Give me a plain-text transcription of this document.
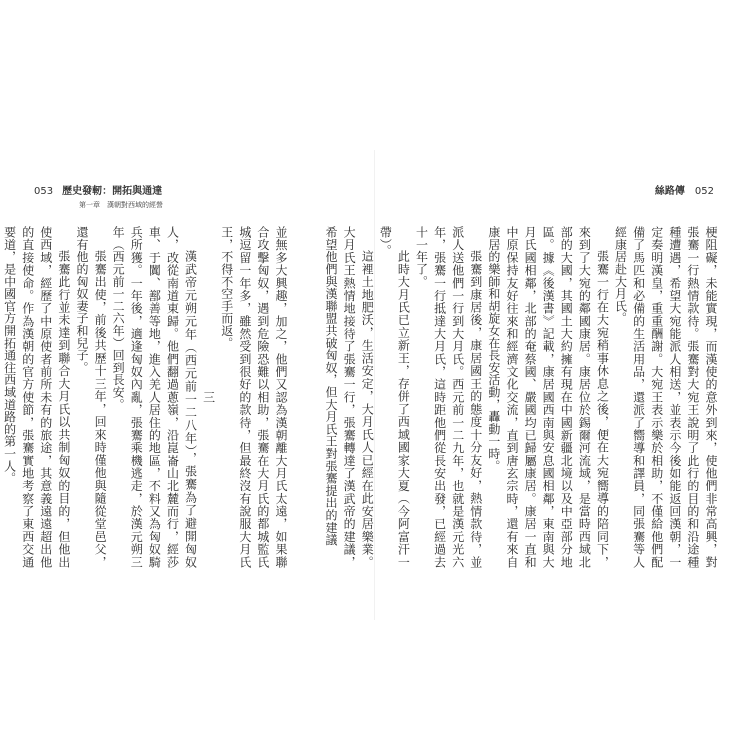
053 歷史發軔：開拓與通達
第一章　漢朝對西域的經營
絲路傳 052

梗阻礙，未能實現，而漢使的意外到來，使他們非常高興，對張騫一行熱情款待。張騫對大宛王說明了此行的目的和沿途種種遭遇，希望大宛能派人相送，並表示今後如能返回漢朝，一定奏明漢皇，重重酬謝。大宛王表示樂於相助，不僅給他們配備了馬匹和必備的生活用品，還派了嚮導和譯員，同張騫等人經康居赴大月氏。

張騫一行在大宛稍事休息之後，便在大宛嚮導的陪同下，來到了大宛的鄰國康居。康居位於錫爾河流域，是當時西域北部的大國，其國土大約擁有現在中國新疆北境以及中亞部分地區。據《後漢書》記載，康居國西南與安息國相鄰，東南與大月氏國相鄰，北部的奄蔡國、嚴國均已歸屬康居。康居一直和中原保持友好往來和經濟文化交流，直到唐玄宗時，還有來自康居的樂師和胡旋女在長安活動，轟動一時。

張騫到康居後，康居國王的態度十分友好，熱情款待，並派人送他們一行到大月氏。西元前一二九年，也就是漢元光六年，張騫一行抵達大月氏，這時距他們從長安出發，已經過去十一年了。

此時大月氏已立新王，存併了西域國家大夏（今阿富汗一帶）。

這裡土地肥沃，生活安定，大月氏人已經在此安居樂業。大月氏王熱情地接待了張騫一行，張騫轉達了漢武帝的建議，希望他們與漢聯盟共破匈奴，但大月氏王對張騫提出的建議

並無多大興趣，加之，他們又認為漢朝離大月氏太遠，如果聯合攻擊匈奴，遇到危險恐難以相助，張騫在大月氏的都城監氏城逗留一年多，雖然受到很好的款待，但最終沒有說服大月氏王，不得不空手而返。

三

漢武帝元朔元年（西元前一二八年），張騫為了避開匈奴人，改從南道東歸。他們翻過蔥嶺，沿崑崙山北麓而行，經莎車、于闐、鄯善等地，進入羌人居住的地區，不料又為匈奴騎兵所獲。一年後，適逢匈奴內亂，張騫乘機逃走，於漢元朔三年（西元前一二六年）回到長安。

張騫出使，前後共歷十三年，回來時僅他與隨從堂邑父，還有他的匈奴妻子和兒子。

張騫此行並未達到聯合大月氏以共制匈奴的目的，但他出使西域，經歷了中原使者前所未有的旅途，其意義遠遠超出他的直接使命。作為漢朝的官方使節，張騫實地考察了東西交通要道，是中國官方開拓通往西域道路的第一人。
